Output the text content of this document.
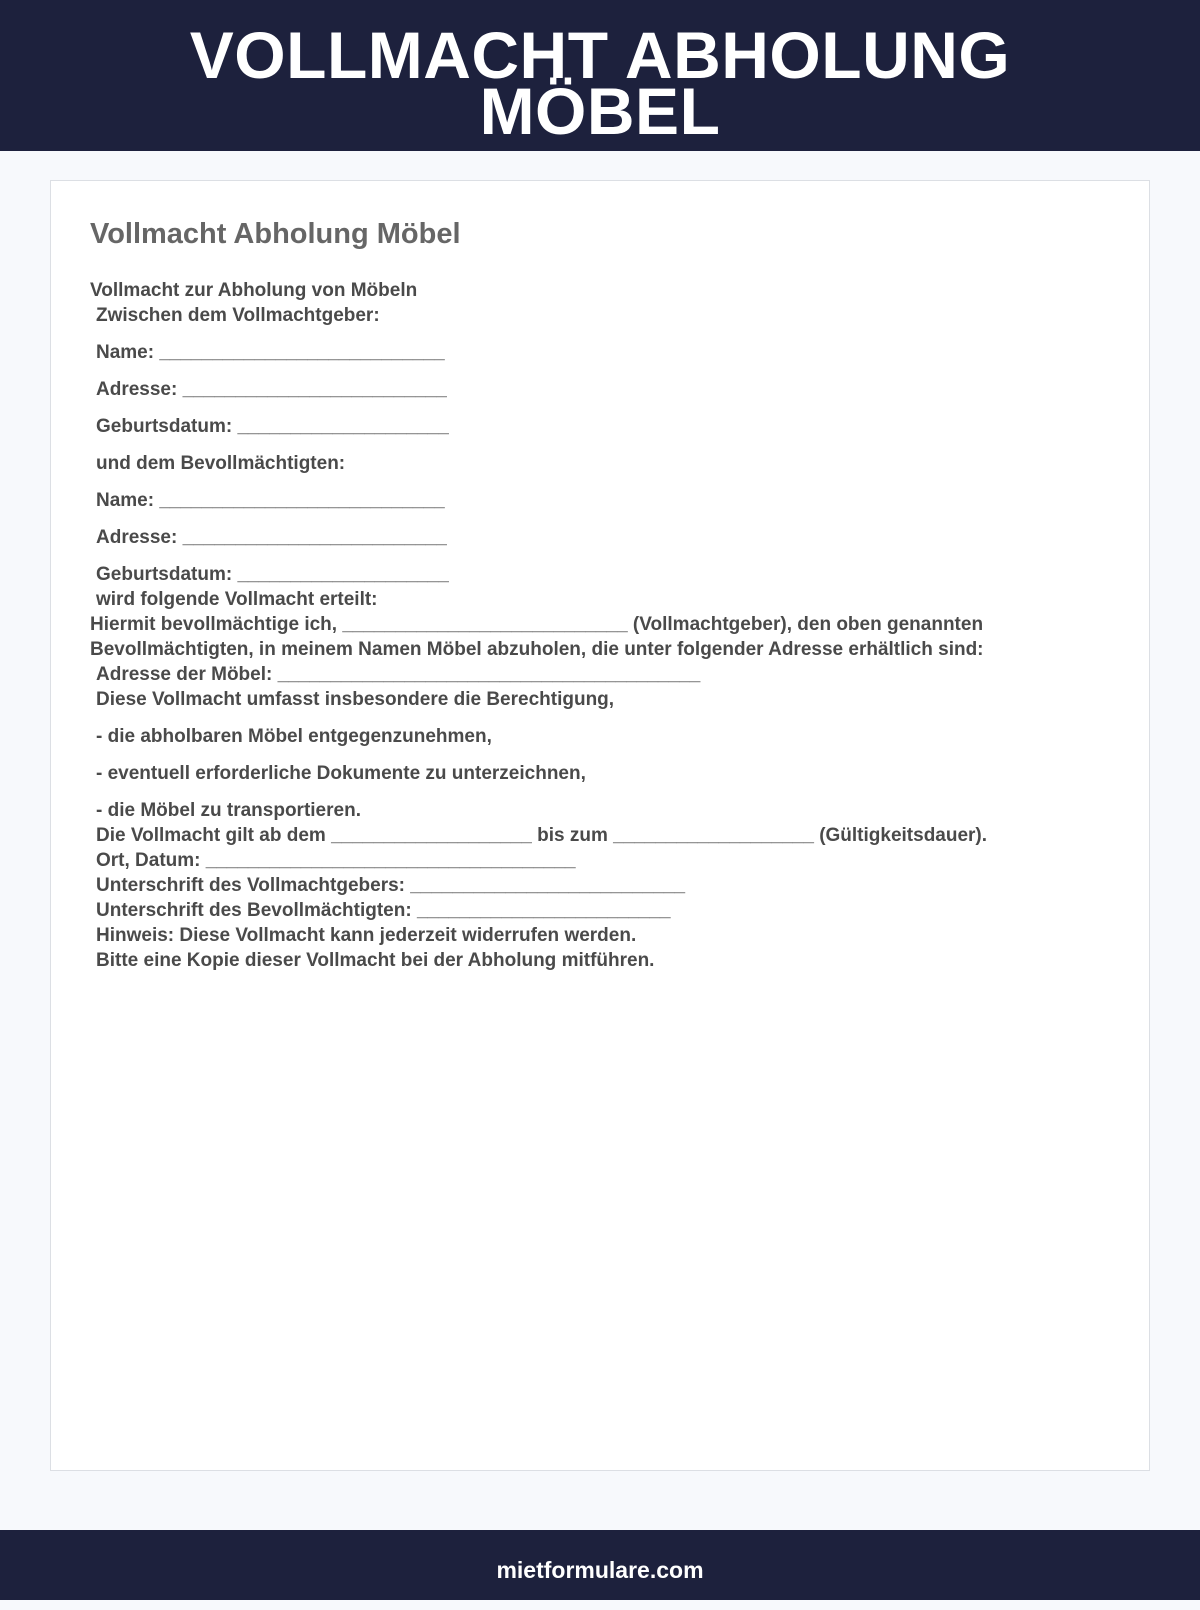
VOLLMACHT ABHOLUNG
MÖBEL
Vollmacht Abholung Möbel
Vollmacht zur Abholung von Möbeln
Zwischen dem Vollmachtgeber:
Name: ___________________________
Adresse: _________________________
Geburtsdatum: ____________________
und dem Bevollmächtigten:
Name: ___________________________
Adresse: _________________________
Geburtsdatum: ____________________
wird folgende Vollmacht erteilt:
Hiermit bevollmächtige ich, ___________________________ (Vollmachtgeber), den oben genannten
Bevollmächtigten, in meinem Namen Möbel abzuholen, die unter folgender Adresse erhältlich sind:
Adresse der Möbel: ________________________________________
Diese Vollmacht umfasst insbesondere die Berechtigung,
- die abholbaren Möbel entgegenzunehmen,
- eventuell erforderliche Dokumente zu unterzeichnen,
- die Möbel zu transportieren.
Die Vollmacht gilt ab dem ___________________ bis zum ___________________ (Gültigkeitsdauer).
Ort, Datum: ___________________________________
Unterschrift des Vollmachtgebers: __________________________
Unterschrift des Bevollmächtigten: ________________________
Hinweis: Diese Vollmacht kann jederzeit widerrufen werden.
Bitte eine Kopie dieser Vollmacht bei der Abholung mitführen.
mietformulare.com
